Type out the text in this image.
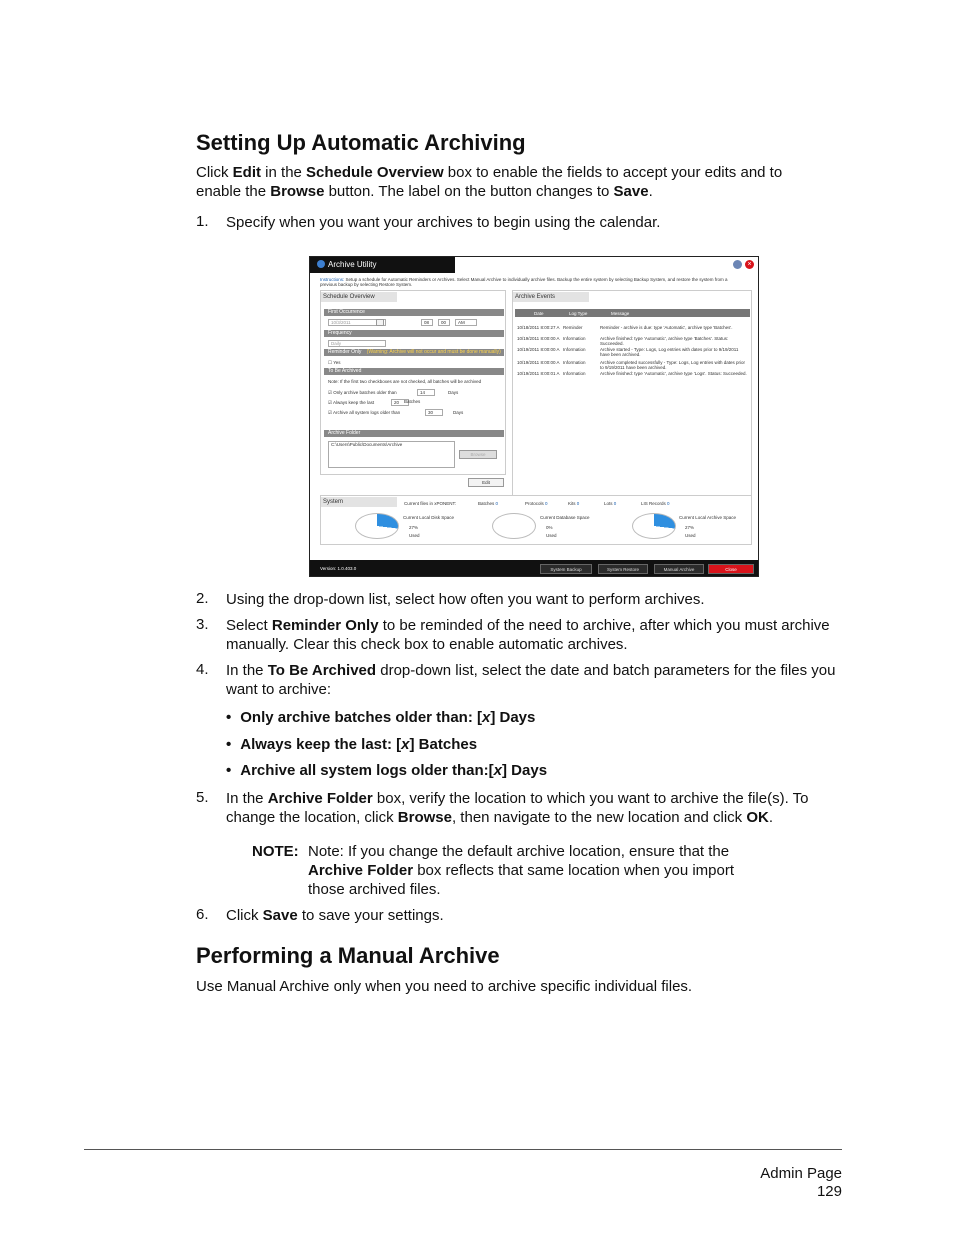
Setting Up Automatic Archiving
Click Edit in the Schedule Overview box to enable the fields to accept your edits and to enable the Browse button. The label on the button changes to Save.
1. Specify when you want your archives to begin using the calendar.
Archive Utility	×
Instructions: Setup a schedule for Automatic Reminders or Archives. Select Manual Archive to individually archive files. Backup the entire system by selecting Backup System, and restore the system from a previous backup by selecting Restore System.
Schedule Overview
First Occurrence
10/3/2011	08	00	AM
Frequency
Daily
Reminder Only (Warning: Archive will not occur and must be done manually)
☐ Yes
To Be Archived
Note: If the first two checkboxes are not checked, all batches will be archived
☑ Only archive batches older than	14	Days
☑ Always keep the last	20	Batches
☑ Archive all system logs older than	30	Days
Archive Folder
C:\Users\Public\Documents\Archive
Browse
Edit
Archive Events
Date	Log Type	Message
System	Current files in xPONENT:	Batches 0	Protocols 0	Kits 0	Lots 0	LIS Records 0
Current Local Disk Space
27%
Used
Current Database Space
0%
Used
Current Local Archive Space
27%
Used
Version: 1.0.403.0	System Backup	System Restore	Manual Archive	Close
10/18/2011 8:00:27 A Reminder	Reminder - archive is due: type 'Automatic', archive type 'Batches'.
10/19/2011 8:00:00 A Information	Archive finished: type 'Automatic', archive type 'Batches'. Status: Succeeded.
10/19/2011 8:00:00 A Information	Archive started - Type: Logs, Log entries with dates prior to 9/19/2011 have been archived.
10/19/2011 8:00:00 A Information	Archive completed successfully - Type: Logs, Log entries with dates prior to 9/19/2011 have been archived.
10/19/2011 8:00:01 A Information	Archive finished: type 'Automatic', archive type 'Logs'. Status: Succeeded.
2. Using the drop-down list, select how often you want to perform archives.
3. Select Reminder Only to be reminded of the need to archive, after which you must archive manually. Clear this check box to enable automatic archives.
4. In the To Be Archived drop-down list, select the date and batch parameters for the files you want to archive:
• Only archive batches older than: [x] Days
• Always keep the last: [x] Batches
• Archive all system logs older than:[x] Days
5. In the Archive Folder box, verify the location to which you want to archive the file(s). To change the location, click Browse, then navigate to the new location and click OK.
NOTE: Note: If you change the default archive location, ensure that the Archive Folder box reflects that same location when you import those archived files.
6. Click Save to save your settings.
Performing a Manual Archive
Use Manual Archive only when you need to archive specific individual files.
Admin Page
129
